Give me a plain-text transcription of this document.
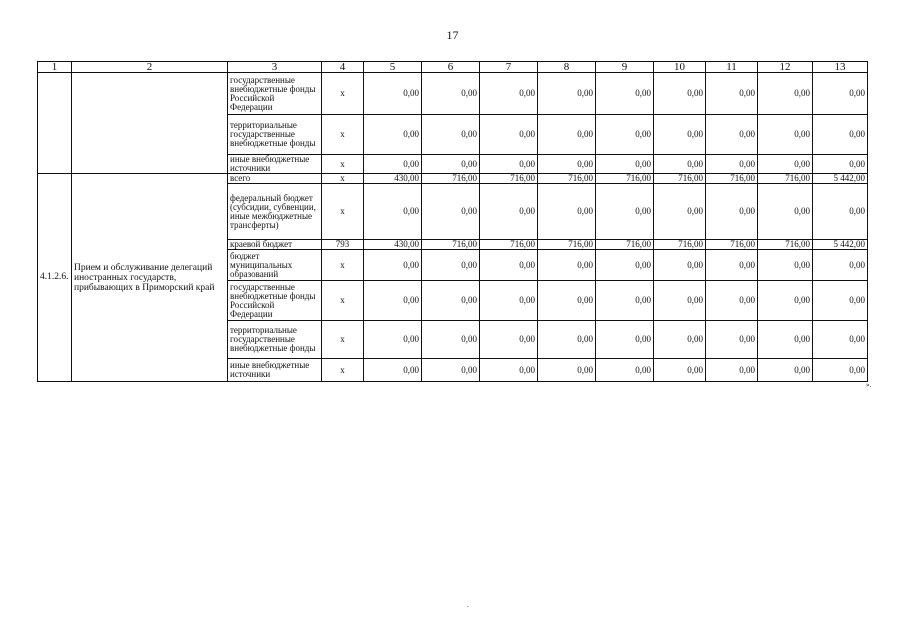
17
1	2	3	4	5	6	7	8	9	10	11	12	13
		государственные внебюджетные фонды Российской Федерации	х	0,00	0,00	0,00	0,00	0,00	0,00	0,00	0,00	0,00
		территориальные государственные внебюджетные фонды	х	0,00	0,00	0,00	0,00	0,00	0,00	0,00	0,00	0,00
		иные внебюджетные источники	х	0,00	0,00	0,00	0,00	0,00	0,00	0,00	0,00	0,00
4.1.2.6.	Прием и обслуживание делегаций иностранных государств, прибывающих в Приморский край	всего	х	430,00	716,00	716,00	716,00	716,00	716,00	716,00	716,00	5 442,00
		федеральный бюджет (субсидии, субвенции, иные межбюджетные трансферты)	х	0,00	0,00	0,00	0,00	0,00	0,00	0,00	0,00	0,00
		краевой бюджет	793	430,00	716,00	716,00	716,00	716,00	716,00	716,00	716,00	5 442,00
		бюджет муниципальных образований	х	0,00	0,00	0,00	0,00	0,00	0,00	0,00	0,00	0,00
		государственные внебюджетные фонды Российской Федерации	х	0,00	0,00	0,00	0,00	0,00	0,00	0,00	0,00	0,00
		территориальные государственные внебюджетные фонды	х	0,00	0,00	0,00	0,00	0,00	0,00	0,00	0,00	0,00
		иные внебюджетные источники	х	0,00	0,00	0,00	0,00	0,00	0,00	0,00	0,00	0,00
».
.
